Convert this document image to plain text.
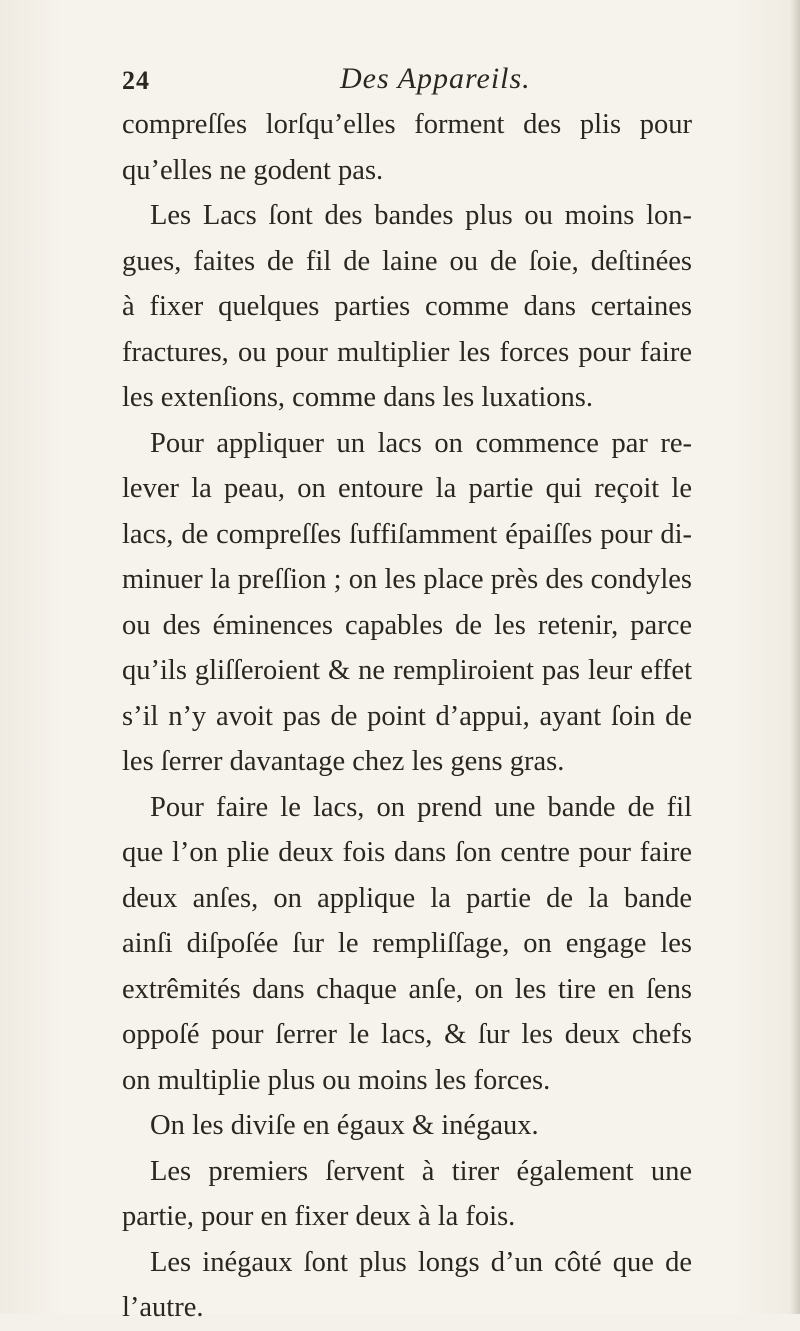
24	Des Appareils.
compreſſes lorſqu’elles forment des plis pour
qu’elles ne godent pas.
Les Lacs ſont des bandes plus ou moins lon-
gues, faites de fil de laine ou de ſoie, deſtinées
à fixer quelques parties comme dans certaines
fractures, ou pour multiplier les forces pour faire
les extenſions, comme dans les luxations.
Pour appliquer un lacs on commence par re-
lever la peau, on entoure la partie qui reçoit le
lacs, de compreſſes ſuffiſamment épaiſſes pour di-
minuer la preſſion ; on les place près des condyles
ou des éminences capables de les retenir, parce
qu’ils gliſſeroient & ne rempliroient pas leur effet
s’il n’y avoit pas de point d’appui, ayant ſoin de
les ſerrer davantage chez les gens gras.
Pour faire le lacs, on prend une bande de fil
que l’on plie deux fois dans ſon centre pour faire
deux anſes, on applique la partie de la bande
ainſi diſpoſée ſur le rempliſſage, on engage les
extrêmités dans chaque anſe, on les tire en ſens
oppoſé pour ſerrer le lacs, & ſur les deux chefs
on multiplie plus ou moins les forces.
On les diviſe en égaux & inégaux.
Les premiers ſervent à tirer également une
partie, pour en fixer deux à la fois.
Les inégaux ſont plus longs d’un côté que de
l’autre.
